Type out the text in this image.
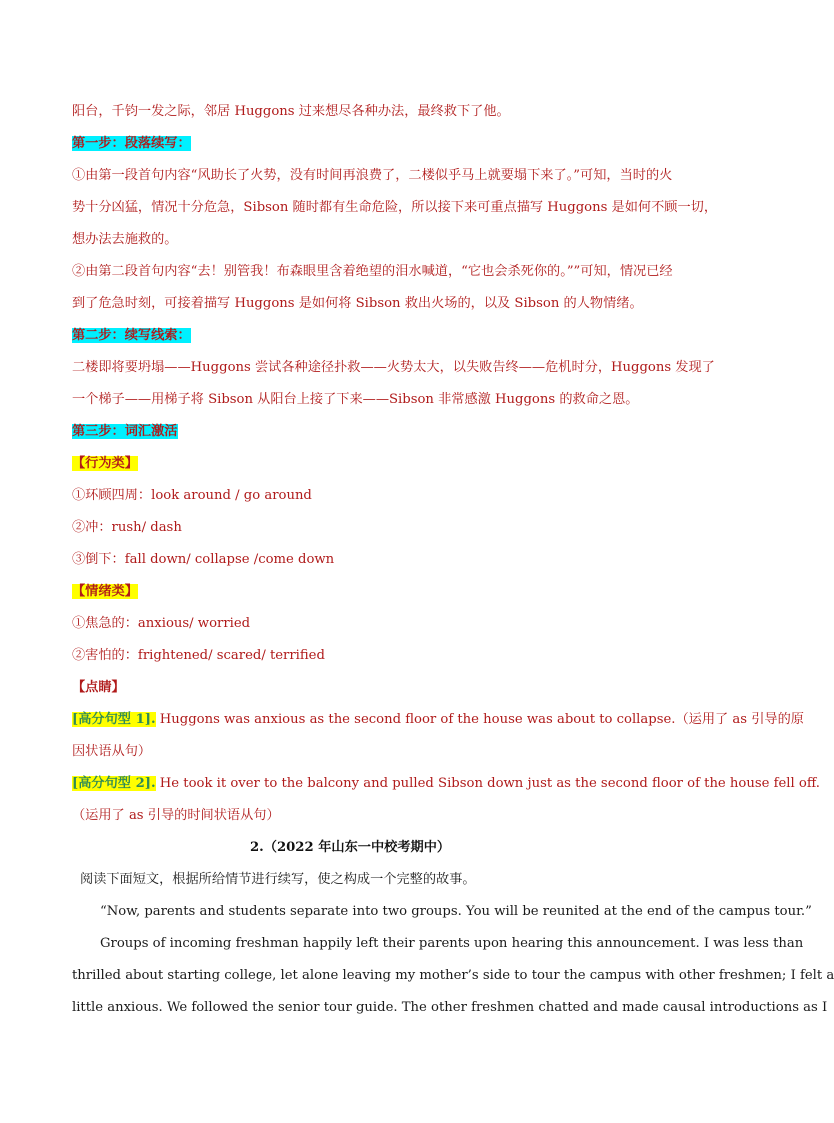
阳台，千钧一发之际，邻居 Huggons 过来想尽各种办法，最终救下了他。
第一步：段落续写：
①由第一段首句内容“风助长了火势，没有时间再浪费了，二楼似乎马上就要塌下来了。”可知，当时的火
势十分凶猛，情况十分危急，Sibson 随时都有生命危险，所以接下来可重点描写 Huggons 是如何不顾一切，
想办法去施救的。
②由第二段首句内容“去！别管我！布森眼里含着绝望的泪水喊道，“它也会杀死你的。””可知，情况已经
到了危急时刻，可接着描写 Huggons 是如何将 Sibson 救出火场的，以及 Sibson 的人物情绪。
第二步：续写线索：
二楼即将要坍塌——Huggons 尝试各种途径扑救——火势太大，以失败告终——危机时分，Huggons 发现了
一个梯子——用梯子将 Sibson 从阳台上接了下来——Sibson 非常感激 Huggons 的救命之恩。
第三步：词汇激活
【行为类】
①环顾四周：look around / go around
②冲：rush/ dash
③倒下：fall down/ collapse /come down
【情绪类】
①焦急的：anxious/ worried
②害怕的：frightened/ scared/ terrified
【点睛】
[高分句型 1]. Huggons was anxious as the second floor of the house was about to collapse.（运用了 as 引导的原
因状语从句）
[高分句型 2]. He took it over to the balcony and pulled Sibson down just as the second floor of the house fell off.
（运用了 as 引导的时间状语从句）
2.（2022 年山东一中校考期中）
阅读下面短文，根据所给情节进行续写，使之构成一个完整的故事。
“Now, parents and students separate into two groups. You will be reunited at the end of the campus tour.”
Groups of incoming freshman happily left their parents upon hearing this announcement. I was less than
thrilled about starting college, let alone leaving my mother’s side to tour the campus with other freshmen; I felt a
little anxious. We followed the senior tour guide. The other freshmen chatted and made causal introductions as I
